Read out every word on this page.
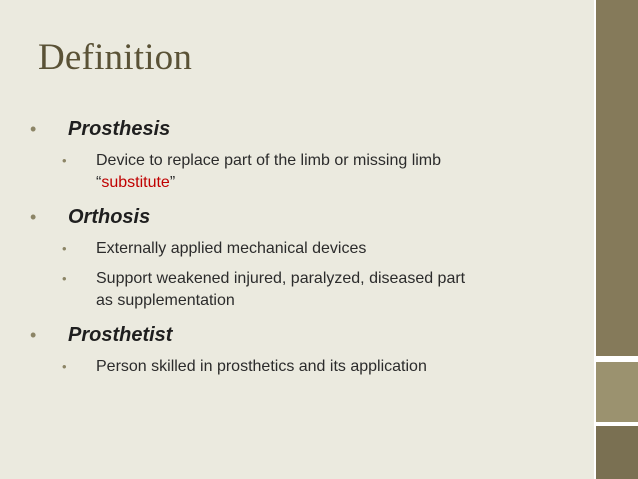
Definition
• Prosthesis
• Device to replace part of the limb or missing limb
“substitute”
• Orthosis
• Externally applied mechanical devices
• Support weakened injured, paralyzed, diseased part
as supplementation
• Prosthetist
• Person skilled in prosthetics and its application
